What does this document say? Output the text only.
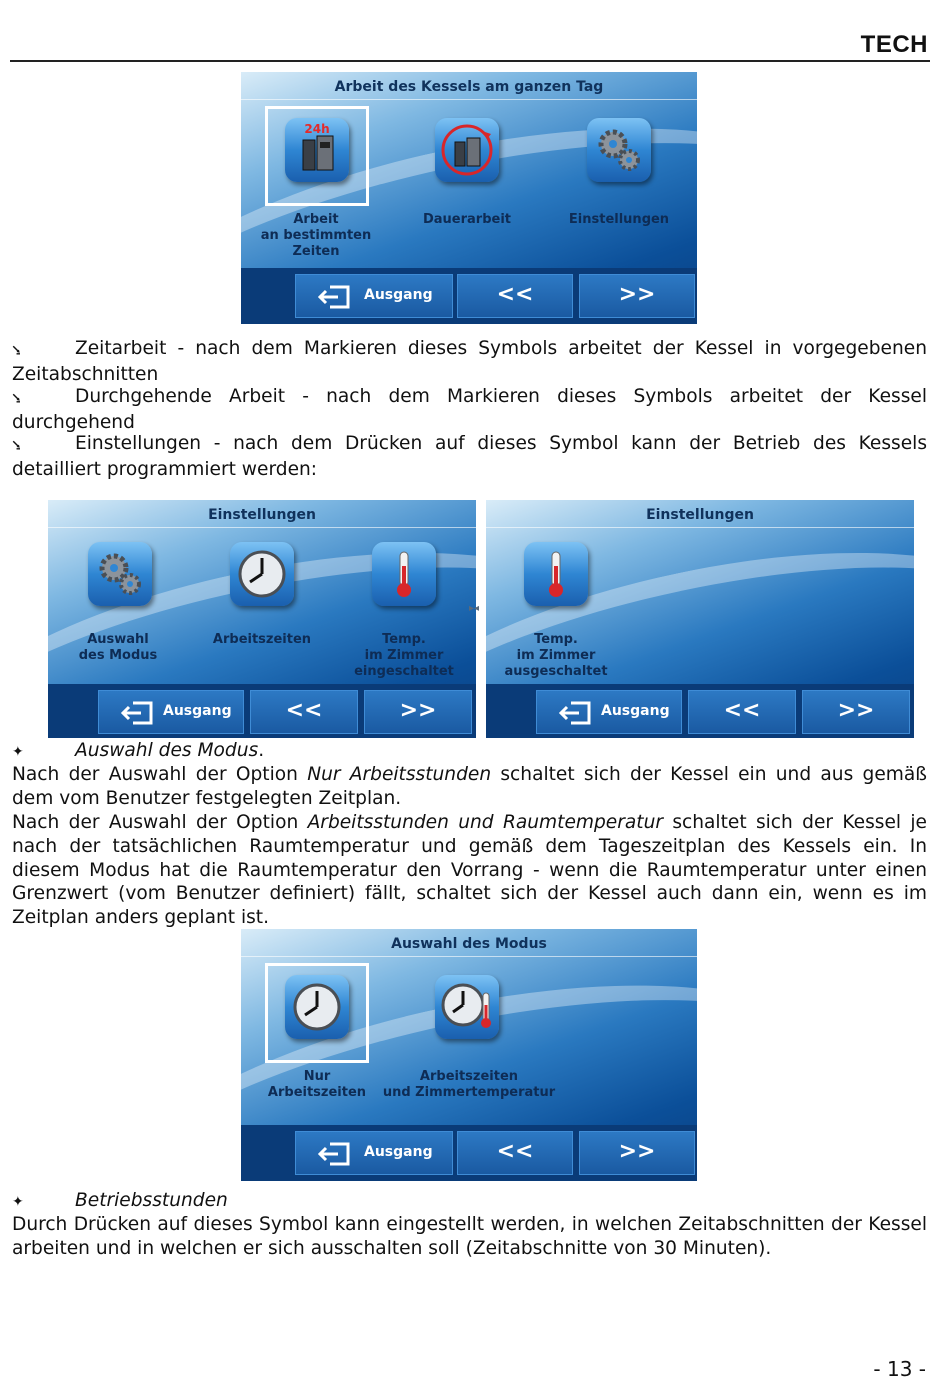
TECH
Arbeit des Kessels am ganzen Tag
24h
Arbeit
an bestimmten
Zeiten
Dauerarbeit	Einstellungen
Ausgang	<<	>>
⭸	Zeitarbeit - nach dem Markieren dieses Symbols arbeitet der Kessel in vorgegebenen Zeitabschnitten
⭸	Durchgehende Arbeit - nach dem Markieren dieses Symbols arbeitet der Kessel durchgehend
⭸	Einstellungen - nach dem Drücken auf dieses Symbol kann der Betrieb des Kessels detailliert programmiert werden:
Einstellungen
Auswahl
des Modus
Arbeitszeiten	Temp.
im Zimmer
eingeschaltet
Ausgang	<<	>>
▸◂
Einstellungen
Temp.
im Zimmer
ausgeschaltet
Ausgang	<<	>>
✦	Auswahl des Modus.
Nach der Auswahl der Option Nur Arbeitsstunden schaltet sich der Kessel ein und aus gemäß dem vom Benutzer festgelegten Zeitplan.
Nach der Auswahl der Option Arbeitsstunden und Raumtemperatur schaltet sich der Kessel je nach der tatsächlichen Raumtemperatur und gemäß dem Tageszeitplan des Kessels ein. In diesem Modus hat die Raumtemperatur den Vorrang - wenn die Raumtemperatur unter einen Grenzwert (vom Benutzer definiert) fällt, schaltet sich der Kessel auch dann ein, wenn es im Zeitplan anders geplant ist.
Auswahl des Modus
Nur
Arbeitszeiten
Arbeitszeiten
und Zimmertemperatur
Ausgang	<<	>>
✦	Betriebsstunden
Durch Drücken auf dieses Symbol kann eingestellt werden, in welchen Zeitabschnitten der Kessel arbeiten und in welchen er sich ausschalten soll (Zeitabschnitte von 30 Minuten).
- 13 -
